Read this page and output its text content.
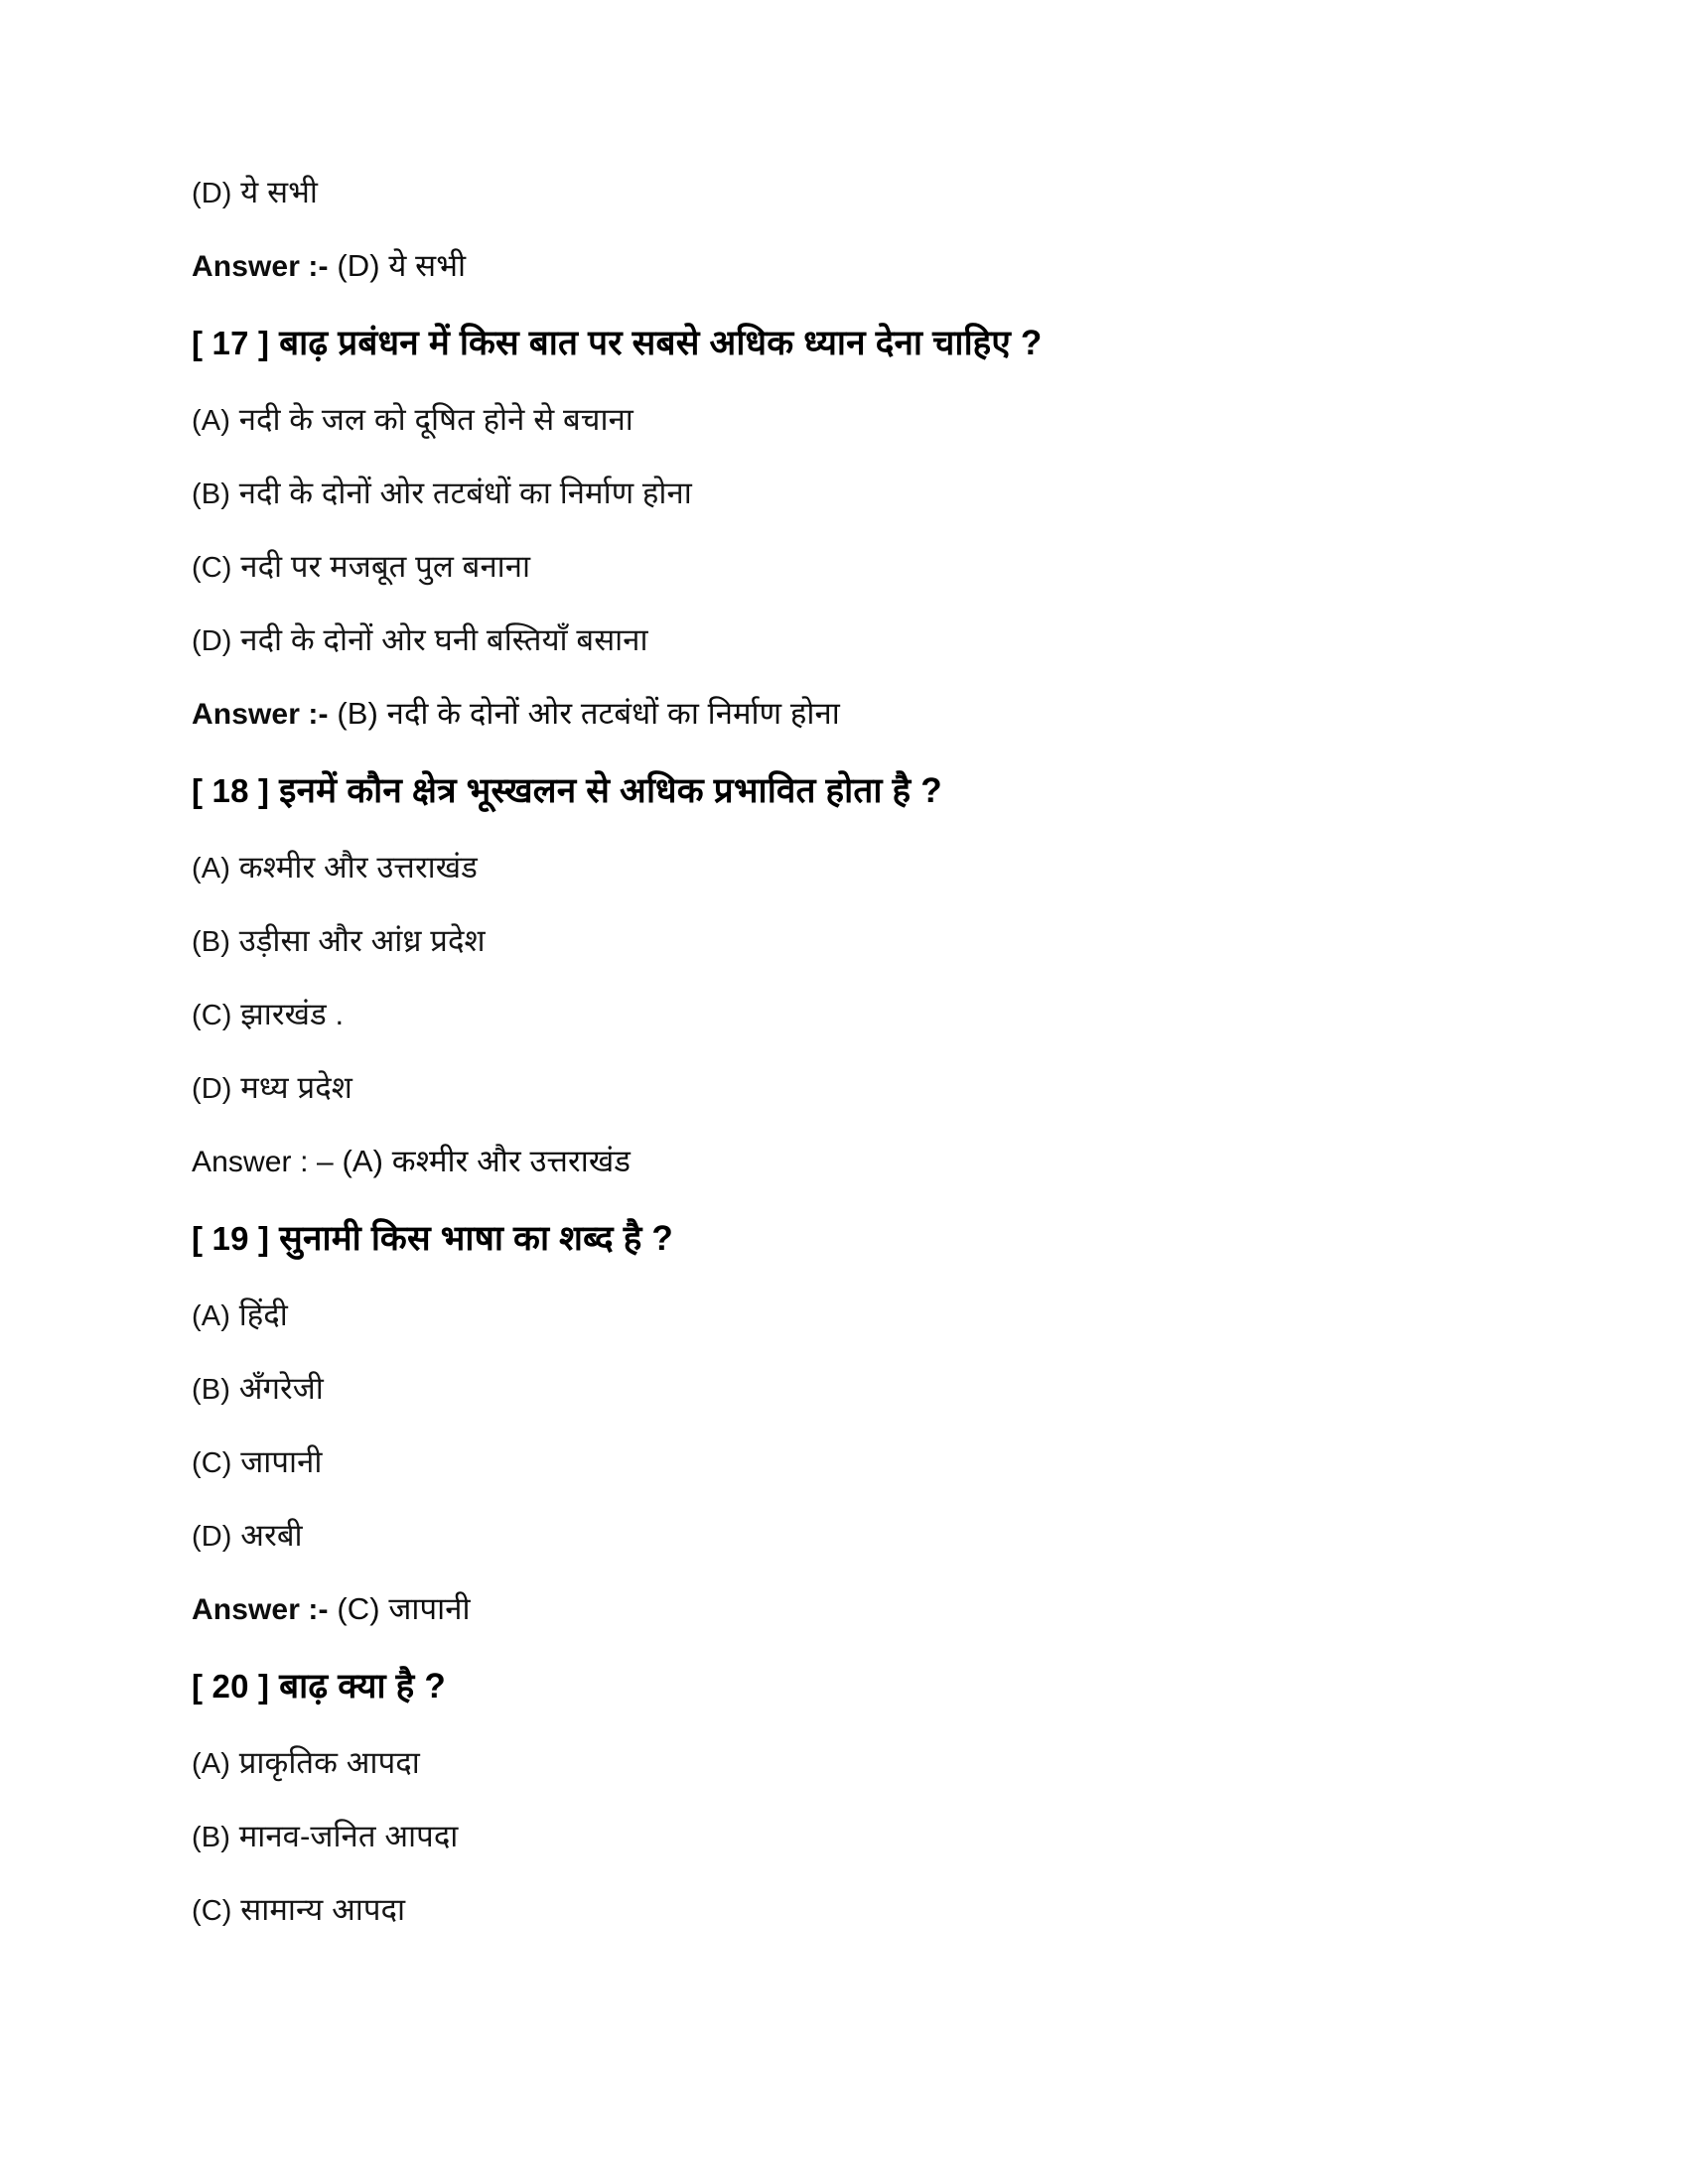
(D) ये सभी
Answer :- (D) ये सभी
[ 17 ] बाढ़ प्रबंधन में किस बात पर सबसे अधिक ध्यान देना चाहिए ?
(A) नदी के जल को दूषित होने से बचाना
(B) नदी के दोनों ओर तटबंधों का निर्माण होना
(C) नदी पर मजबूत पुल बनाना
(D) नदी के दोनों ओर घनी बस्तियाँ बसाना
Answer :- (B) नदी के दोनों ओर तटबंधों का निर्माण होना
[ 18 ] इनमें कौन क्षेत्र भूस्खलन से अधिक प्रभावित होता है ?
(A) कश्मीर और उत्तराखंड
(B) उड़ीसा और आंध्र प्रदेश
(C) झारखंड .
(D) मध्य प्रदेश
Answer : – (A) कश्मीर और उत्तराखंड
[ 19 ] सुनामी किस भाषा का शब्द है ?
(A) हिंदी
(B) अँगरेजी
(C) जापानी
(D) अरबी
Answer :- (C) जापानी
[ 20 ] बाढ़ क्या है ?
(A) प्राकृतिक आपदा
(B) मानव-जनित आपदा
(C) सामान्य आपदा
